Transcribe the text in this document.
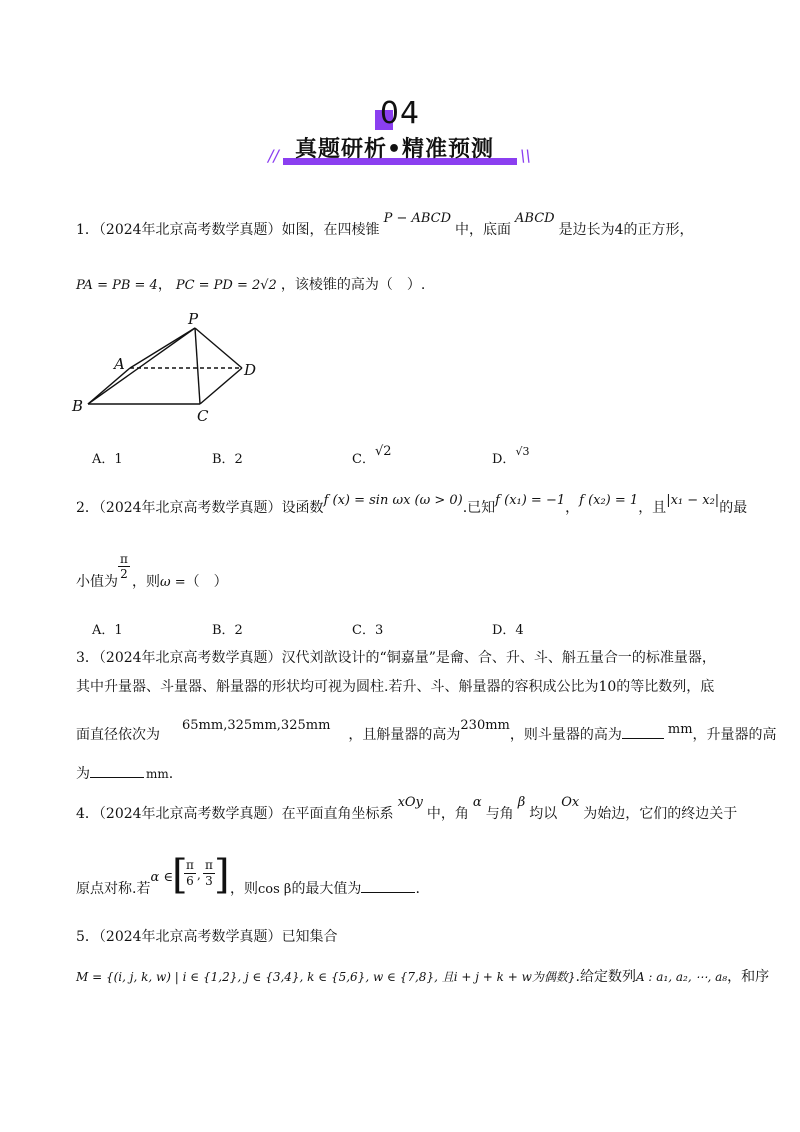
04
//	\\
真题研析•精准预测
1．（2024年北京高考数学真题）如图，在四棱锥P − ABCD中，底面ABCD是边长为4的正方形，
PA = PB = 4， PC = PD = 2√2 ，该棱锥的高为（　）.
P
A
B
C
D
A．1	B．2	C．√2
D．$^{√3}$
2．（2024年北京高考数学真题）设函数f (x) = sin ωx (ω > 0).已知f (x₁) = −1，f (x₂) = 1，且|x₁ − x₂|的最
小值为
$\frac{\pi}{2}$
，则ω =（　）
A．1	B．2	C．3	D．4
3．（2024年北京高考数学真题）汉代刘歆设计的“铜嘉量”是龠、合、升、斗、斛五量合一的标准量器，
其中升量器、斗量器、斛量器的形状均可视为圆柱.若升、斗、斛量器的容积成公比为10的等比数列，底
面直径依次为65mm,325mm,325mm，且斛量器的高为230mm，则斗量器的高为	mm，升量器的高
为	mm.
4．（2024年北京高考数学真题）在平面直角坐标系xOy中，角α与角β均以Ox为始边，它们的终边关于
原点对称.若α ∈ [
$\frac{\pi}{6}$ , $\frac{\pi}{3}$ ] ，则cos β的最大值为	.
5．（2024年北京高考数学真题）已知集合
M = {(i, j, k, w) | i ∈ {1,2}, j ∈ {3,4}, k ∈ {5,6}, w ∈ {7,8}, 且i + j + k + w为偶数}.给定数列A : a₁, a₂, ⋯, a₈，和序
